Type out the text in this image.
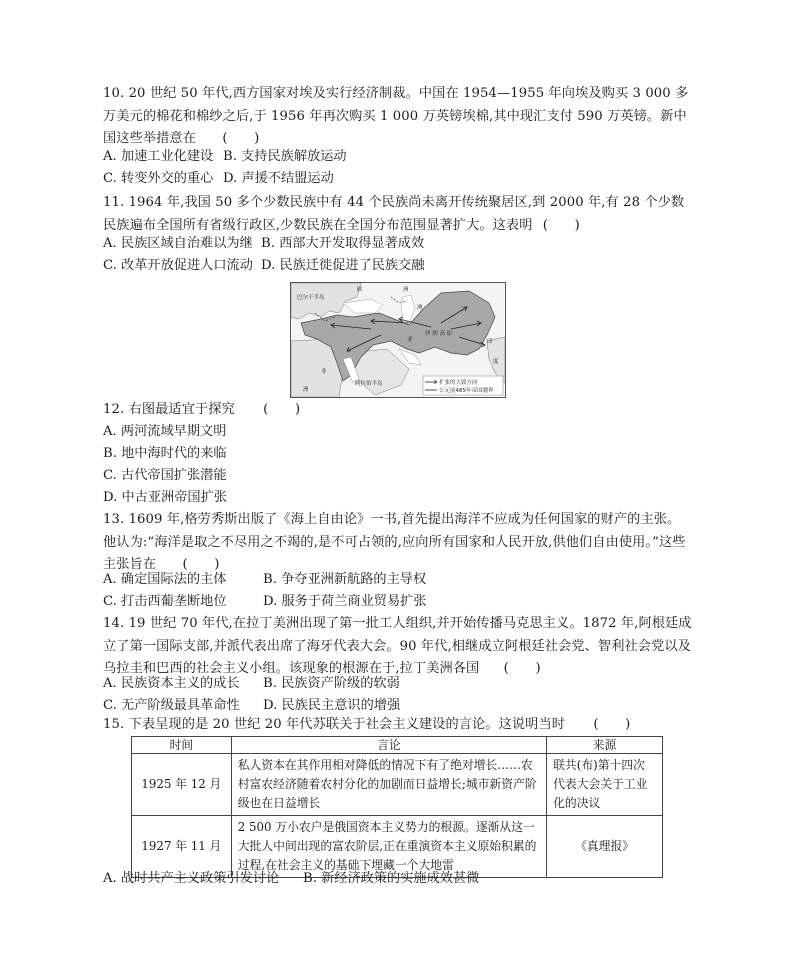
10. 20 世纪 50 年代,西方国家对埃及实行经济制裁。中国在 1954—1955 年向埃及购买 3 000 多万美元的棉花和棉纱之后,于 1956 年再次购买 1 000 万英镑埃棉,其中现汇支付 590 万英镑。新中国这些举措意在 (　　)
A. 加速工业化建设 B. 支持民族解放运动
C. 转变外交的重心 D. 声援不结盟运动
11. 1964 年,我国 50 多个少数民族中有 44 个民族尚未离开传统聚居区,到 2000 年,有 28 个少数民族遍布全国所有省级行政区,少数民族在全国分布范围显著扩大。这表明 (　　)
A. 民族区域自治难以为继 B. 西部大开发取得显著成效
C. 改革开放促进人口流动 D. 民族迁徙促进了民族交融
欧	洲
巴尔干半岛
亚
洲
伊 朗 高 原
非
洲
阿拉伯半岛
印
度
扩张的大致方向
公元前485年帝国疆界
12. 右图最适宜于探究 (　　)
A. 两河流域早期文明
B. 地中海时代的来临
C. 古代帝国扩张潜能
D. 中古亚洲帝国扩张
13. 1609 年,格劳秀斯出版了《海上自由论》一书,首先提出海洋不应成为任何国家的财产的主张。他认为:“海洋是取之不尽用之不竭的,是不可占领的,应向所有国家和人民开放,供他们自由使用。”这些主张旨在 (　　)
A. 确定国际法的主体	B. 争夺亚洲新航路的主导权
C. 打击西葡垄断地位	D. 服务于荷兰商业贸易扩张
14. 19 世纪 70 年代,在拉丁美洲出现了第一批工人组织,并开始传播马克思主义。1872 年,阿根廷成立了第一国际支部,并派代表出席了海牙代表大会。90 年代,相继成立阿根廷社会党、智利社会党以及乌拉圭和巴西的社会主义小组。该现象的根源在于,拉丁美洲各国 (　　)
A. 民族资本主义的成长 B. 民族资产阶级的软弱
C. 无产阶级最具革命性 D. 民族民主意识的增强
15. 下表呈现的是 20 世纪 20 年代苏联关于社会主义建设的言论。这说明当时 (　　)
时间	言论	来源
1925 年 12 月	私人资本在其作用相对降低的情况下有了绝对增长……农村富农经济随着农村分化的加剧而日益增长;城市新资产阶级也在日益增长	联共(布)第十四次代表大会关于工业化的决议
1927 年 11 月	2 500 万小农户是俄国资本主义势力的根源。逐渐从这一大批人中间出现的富农阶层,正在重演资本主义原始积累的过程,在社会主义的基础下埋藏一个大地雷	《真理报》
A. 战时共产主义政策引发讨论 B. 新经济政策的实施成效甚微
